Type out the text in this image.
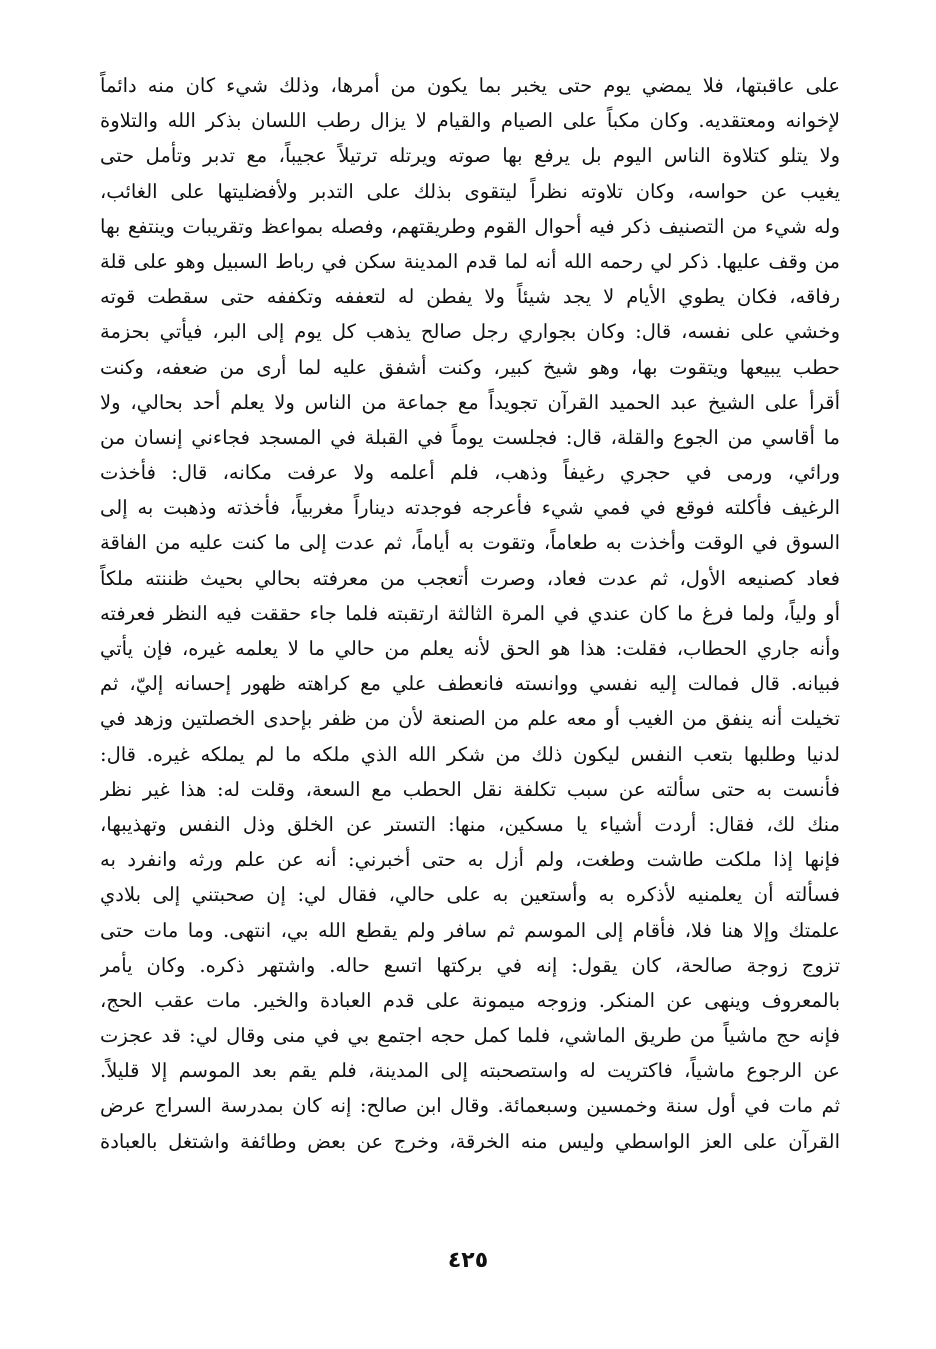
على عاقبتها، فلا يمضي يوم حتى يخبر بما يكون من أمرها، وذلك شيء كان منه دائماً
لإخوانه ومعتقديه. وكان مكباً على الصيام والقيام لا يزال رطب اللسان بذكر الله والتلاوة
ولا يتلو كتلاوة الناس اليوم بل يرفع بها صوته ويرتله ترتيلاً عجيباً، مع تدبر وتأمل حتى
يغيب عن حواسه، وكان تلاوته نظراً ليتقوى بذلك على التدبر ولأفضليتها على الغائب،
وله شيء من التصنيف ذكر فيه أحوال القوم وطريقتهم، وفصله بمواعظ وتقريبات وينتفع بها
من وقف عليها. ذكر لي رحمه الله أنه لما قدم المدينة سكن في رباط السبيل وهو على قلة
رفاقه، فكان يطوي الأيام لا يجد شيئاً ولا يفطن له لتعففه وتكففه حتى سقطت قوته
وخشي على نفسه، قال: وكان بجواري رجل صالح يذهب كل يوم إلى البر، فيأتي بحزمة
حطب يبيعها ويتقوت بها، وهو شيخ كبير، وكنت أشفق عليه لما أرى من ضعفه، وكنت
أقرأ على الشيخ عبد الحميد القرآن تجويداً مع جماعة من الناس ولا يعلم أحد بحالي، ولا
ما أقاسي من الجوع والقلة، قال: فجلست يوماً في القبلة في المسجد فجاءني إنسان من
ورائي، ورمى في حجري رغيفاً وذهب، فلم أعلمه ولا عرفت مكانه، قال: فأخذت
الرغيف فأكلته فوقع في فمي شيء فأعرجه فوجدته ديناراً مغربياً، فأخذته وذهبت به إلى
السوق في الوقت وأخذت به طعاماً، وتقوت به أياماً، ثم عدت إلى ما كنت عليه من الفاقة
فعاد كصنيعه الأول، ثم عدت فعاد، وصرت أتعجب من معرفته بحالي بحيث ظننته ملكاً
أو ولياً، ولما فرغ ما كان عندي في المرة الثالثة ارتقبته فلما جاء حققت فيه النظر فعرفته
وأنه جاري الحطاب، فقلت: هذا هو الحق لأنه يعلم من حالي ما لا يعلمه غيره، فإن يأتي
فبيانه. قال فمالت إليه نفسي ووانسته فانعطف علي مع كراهته ظهور إحسانه إليّ، ثم
تخيلت أنه ينفق من الغيب أو معه علم من الصنعة لأن من ظفر بإحدى الخصلتين وزهد في
لدنيا وطلبها بتعب النفس ليكون ذلك من شكر الله الذي ملكه ما لم يملكه غيره. قال:
فأنست به حتى سألته عن سبب تكلفة نقل الحطب مع السعة، وقلت له: هذا غير نظر
منك لك، فقال: أردت أشياء يا مسكين، منها: التستر عن الخلق وذل النفس وتهذيبها،
فإنها إذا ملكت طاشت وطغت، ولم أزل به حتى أخبرني: أنه عن علم ورثه وانفرد به
فسألته أن يعلمنيه لأذكره به وأستعين به على حالي، فقال لي: إن صحبتني إلى بلادي
علمتك وإلا هنا فلا، فأقام إلى الموسم ثم سافر ولم يقطع الله بي، انتهى. وما مات حتى
تزوج زوجة صالحة، كان يقول: إنه في بركتها اتسع حاله. واشتهر ذكره. وكان يأمر
بالمعروف وينهى عن المنكر. وزوجه ميمونة على قدم العبادة والخير. مات عقب الحج،
فإنه حج ماشياً من طريق الماشي، فلما كمل حجه اجتمع بي في منى وقال لي: قد عجزت
عن الرجوع ماشياً، فاكتريت له واستصحبته إلى المدينة، فلم يقم بعد الموسم إلا قليلاً.
ثم مات في أول سنة وخمسين وسبعمائة. وقال ابن صالح: إنه كان بمدرسة السراج عرض
القرآن على العز الواسطي وليس منه الخرقة، وخرج عن بعض وطائفة واشتغل بالعبادة
٤٢٥
